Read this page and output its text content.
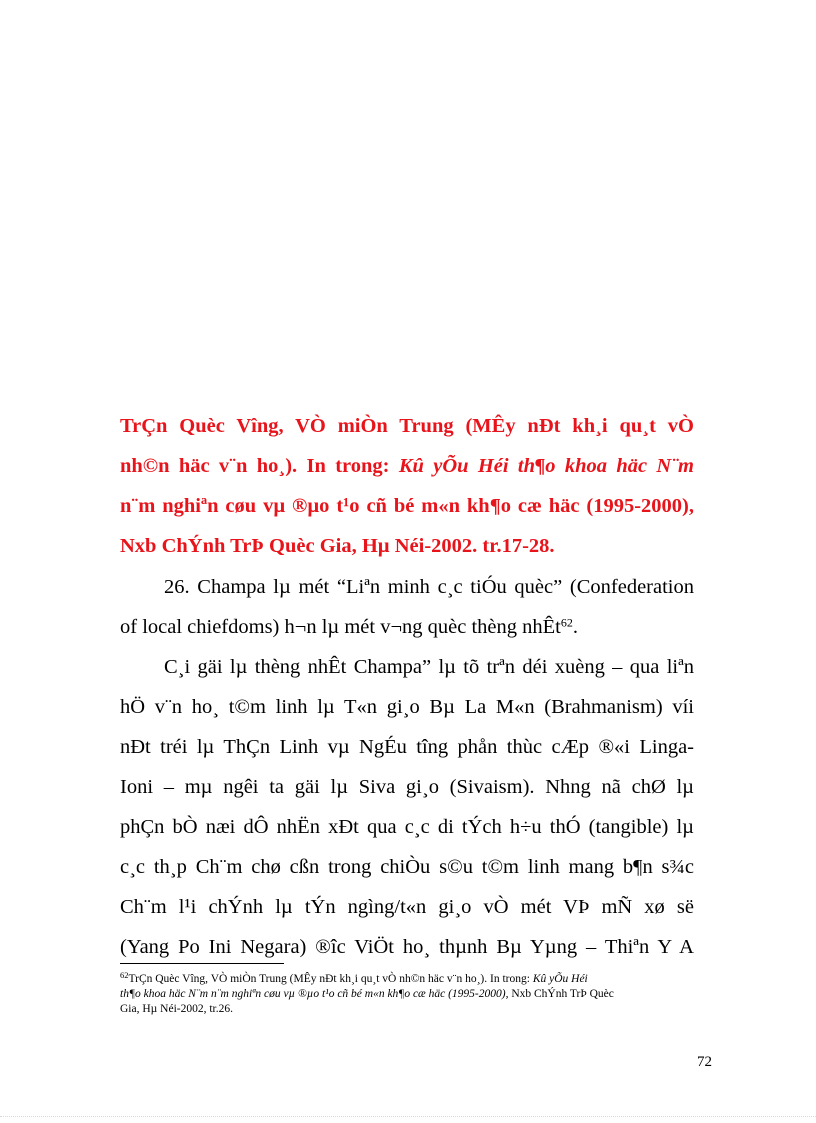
TrÇn Quèc Vîng, VÒ miÒn Trung (MÊy nÐt kh¸i qu¸t vÒ
nh©n häc v¨n ho¸). In trong: Kû yÕu Héi th¶o khoa häc N¨m
n¨m nghiªn cøu vµ ®µo t¹o cñ bé m«n kh¶o cæ häc (1995-2000),
Nxb ChÝnh TrÞ Quèc Gia, Hµ Néi-2002. tr.17-28.
26. Champa lµ mét “Liªn minh c¸c tiÓu quèc” (Confederation
of local chiefdoms) h¬n lµ mét v¬ng quèc thèng nhÊt$^{62}$.
C¸i gäi lµ thèng nhÊt Champa” lµ tõ trªn déi xuèng – qua liªn
hÖ v¨n ho¸ t©m linh lµ T«n gi¸o Bµ La M«n (Brahmanism) víi
nÐt tréi lµ ThÇn Linh vµ NgÉu tîng phån thùc cÆp ®«i Linga-
Ioni – mµ ngêi ta gäi lµ Siva gi¸o (Sivaism). Nhng nã chØ lµ
phÇn bÒ næi dÔ nhËn xÐt qua c¸c di tÝch h÷u thÓ (tangible) lµ
c¸c th¸p Ch¨m chø cßn trong chiÒu s©u t©m linh mang b¶n s¾c
Ch¨m l¹i chÝnh lµ tÝn ngìng/t«n gi¸o vÒ mét VÞ mÑ xø së
(Yang Po Ini Negara) ®îc ViÖt ho¸ thµnh Bµ Yµng – Thiªn Y A
$^{62}$TrÇn Quèc Vîng, VÒ miÒn Trung (MÊy nÐt kh¸i qu¸t vÒ nh©n häc v¨n ho¸). In trong: Kû yÕu Héi
th¶o khoa häc N¨m n¨m nghiªn cøu vµ ®µo t¹o cñ bé m«n kh¶o cæ häc (1995-2000), Nxb ChÝnh TrÞ Quèc
Gia, Hµ Néi-2002, tr.26.
72
